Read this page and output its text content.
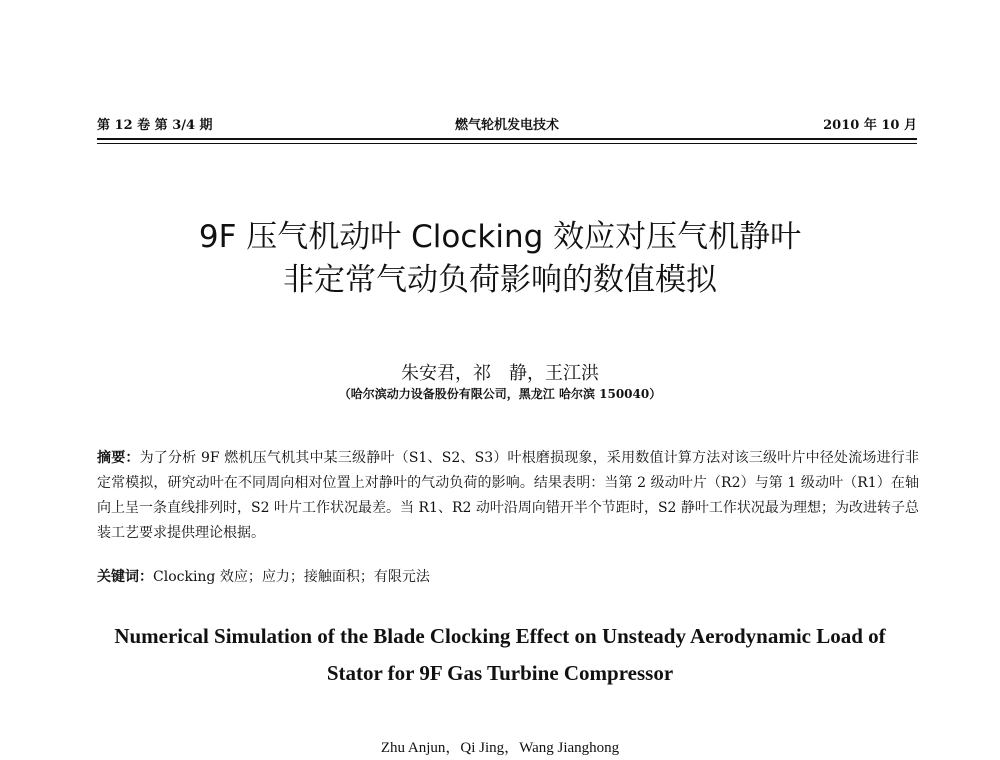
第 12 卷 第 3/4 期	燃气轮机发电技术	2010 年 10 月
9F 压气机动叶 Clocking 效应对压气机静叶
非定常气动负荷影响的数值模拟
朱安君，祁　静，王江洪
（哈尔滨动力设备股份有限公司，黑龙江 哈尔滨 150040）
摘要：为了分析 9F 燃机压气机其中某三级静叶（S1、S2、S3）叶根磨损现象，采用数值计算方法对该三级叶片中径处流场进行非定常模拟，研究动叶在不同周向相对位置上对静叶的气动负荷的影响。结果表明：当第 2 级动叶片（R2）与第 1 级动叶（R1）在轴向上呈一条直线排列时，S2 叶片工作状况最差。当 R1、R2 动叶沿周向错开半个节距时，S2 静叶工作状况最为理想；为改进转子总装工艺要求提供理论根据。
关键词：Clocking 效应；应力；接触面积；有限元法
Numerical Simulation of the Blade Clocking Effect on Unsteady Aerodynamic Load of
Stator for 9F Gas Turbine Compressor
Zhu Anjun，Qi Jing，Wang Jianghong
